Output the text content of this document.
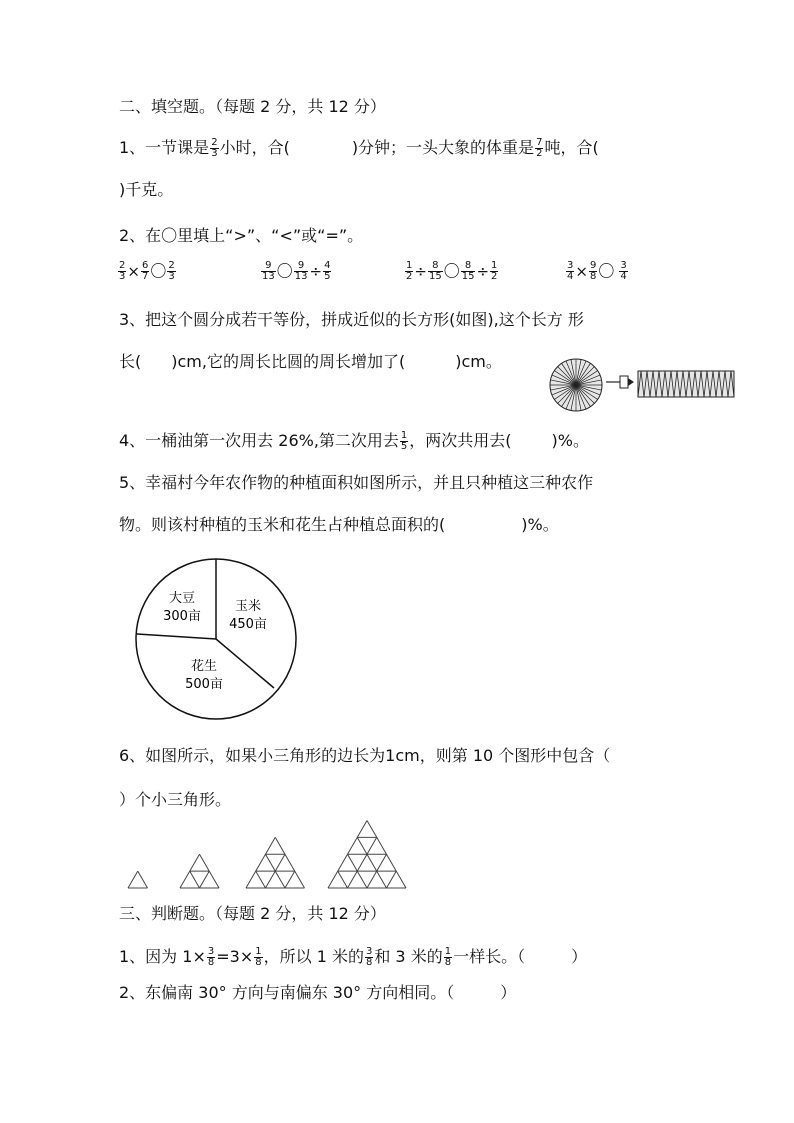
二、填空题。（每题 2 分，共 12 分）
1、一节课是 $\frac{2}{3}$ 小时，合(	)分钟；一头大象的体重是 $\frac{7}{2}$ 吨，合(
)千克。
2、在〇里填上“>”、“<”或“=”。
$\frac{2}{3} \times \frac{6}{7}$ 〇 $\frac{2}{3}$	$\frac{9}{13}$ 〇 $\frac{9}{13} \div \frac{4}{5}$	$\frac{1}{2} \div \frac{8}{15}$ 〇 $\frac{8}{15} \div \frac{1}{2}$	$\frac{3}{4} \times \frac{9}{8}$ 〇 $\frac{3}{4}$
3、把这个圆分成若干等份，拼成近似的长方形(如图),这个长方 形
长( )cm,它的周长比圆的周长增加了(	)cm。
4、一桶油第一次用去 26%,第二次用去 $\frac{1}{5}$ ，两次共用去(	)%。
5、幸福村今年农作物的种植面积如图所示，并且只种植这三种农作
物。则该村种植的玉米和花生占种植总面积的(	)%。
玉米
450亩
花生
500亩
大豆
300亩
6、如图所示，如果小三角形的边长为1cm，则第 10 个图形中包含（
）个小三角形。
三、判断题。（每题 2 分，共 12 分）
1、因为 $1\times \frac{3}{8} =3\times \frac{1}{8}$ ，所以 1 米的 $\frac{3}{8}$ 和 3 米的 $\frac{1}{8}$ 一样长。（	）
2、东偏南 30° 方向与南偏东 30° 方向相同。（	）
